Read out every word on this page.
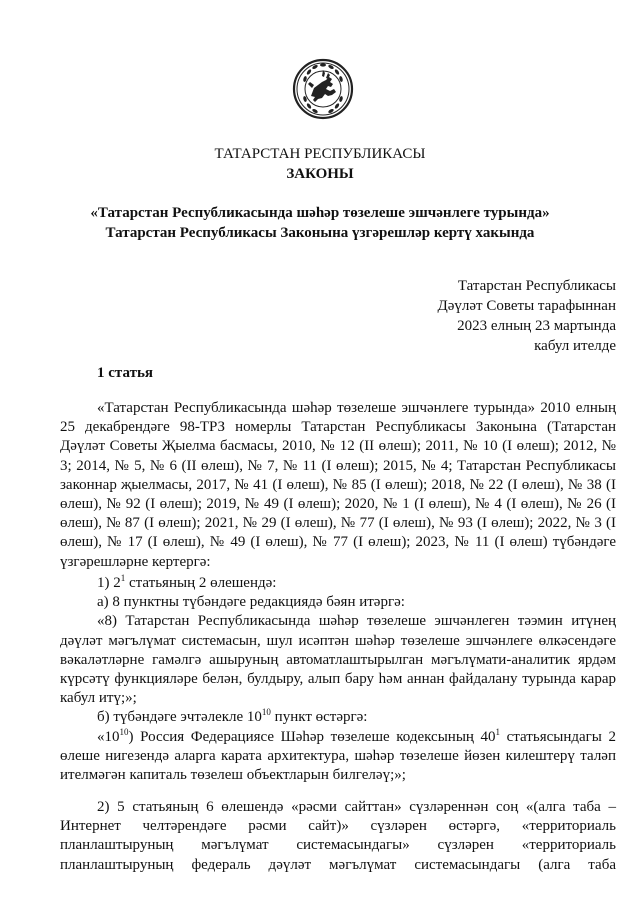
ТАТАРСТАН РЕСПУБЛИКАСЫ
ЗАКОНЫ
«Татарстан Республикасында шәһәр төзелеше эшчәнлеге турында»
Татарстан Республикасы Законына үзгәрешләр кертү хакында
Татарстан Республикасы
Дәүләт Советы тарафыннан
2023 елның 23 мартында
кабул ителде
1 статья

«Татарстан Республикасында шәһәр төзелеше эшчәнлеге турында» 2010 елның 25 декабрендәге 98-ТРЗ номерлы Татарстан Республикасы Законына (Татарстан Дәүләт Советы Җыелма басмасы, 2010, № 12 (II өлеш); 2011, № 10 (I өлеш); 2012, № 3; 2014, № 5, № 6 (II өлеш), № 7, № 11 (I өлеш); 2015, № 4; Татарстан Республикасы законнар җыелмасы, 2017, № 41 (I өлеш), № 85 (I өлеш); 2018, № 22 (I өлеш), № 38 (I өлеш), № 92 (I өлеш); 2019, № 49 (I өлеш); 2020, № 1 (I өлеш), № 4 (I өлеш), № 26 (I өлеш), № 87 (I өлеш); 2021, № 29 (I өлеш), № 77 (I өлеш), № 93 (I өлеш); 2022, № 3 (I өлеш), № 17 (I өлеш), № 49 (I өлеш), № 77 (I өлеш); 2023, № 11 (I өлеш) түбәндәге үзгәрешләрне кертергә:

1) $2^1$ статьяның 2 өлешендә:

а) 8 пунктны түбәндәге редакциядә бәян итәргә:

«8) Татарстан Республикасында шәһәр төзелеше эшчәнлеген тәэмин итүнең дәүләт мәгълүмат системасын, шул исәптән шәһәр төзелеше эшчәнлеге өлкәсендәге вәкаләтләрне гамәлгә ашыруның автоматлаштырылган мәгълүмати-аналитик ярдәм күрсәтү функцияләре белән, булдыру, алып бару һәм аннан файдалану турында карар кабул итү;»;

б) түбәндәге эчтәлекле $10^{10}$ пункт өстәргә:

«$10^{10}$) Россия Федерациясе Шәһәр төзелеше кодексының $40^1$ статьясындагы 2 өлеше нигезендә аларга карата архитектура, шәһәр төзелеше йөзен килештерү таләп ителмәгән капиталь төзелеш объектларын билгеләү;»;

2) 5 статьяның 6 өлешендә «рәсми сайттан» сүзләреннән соң «(алга таба –

Интернет челтәрендәге рәсми сайт)» сүзләрен өстәргә, «территориаль

планлаштыруның мәгълүмат системасындагы» сүзләрен «территориаль

планлаштыруның федераль дәүләт мәгълүмат системасындагы (алга таба
